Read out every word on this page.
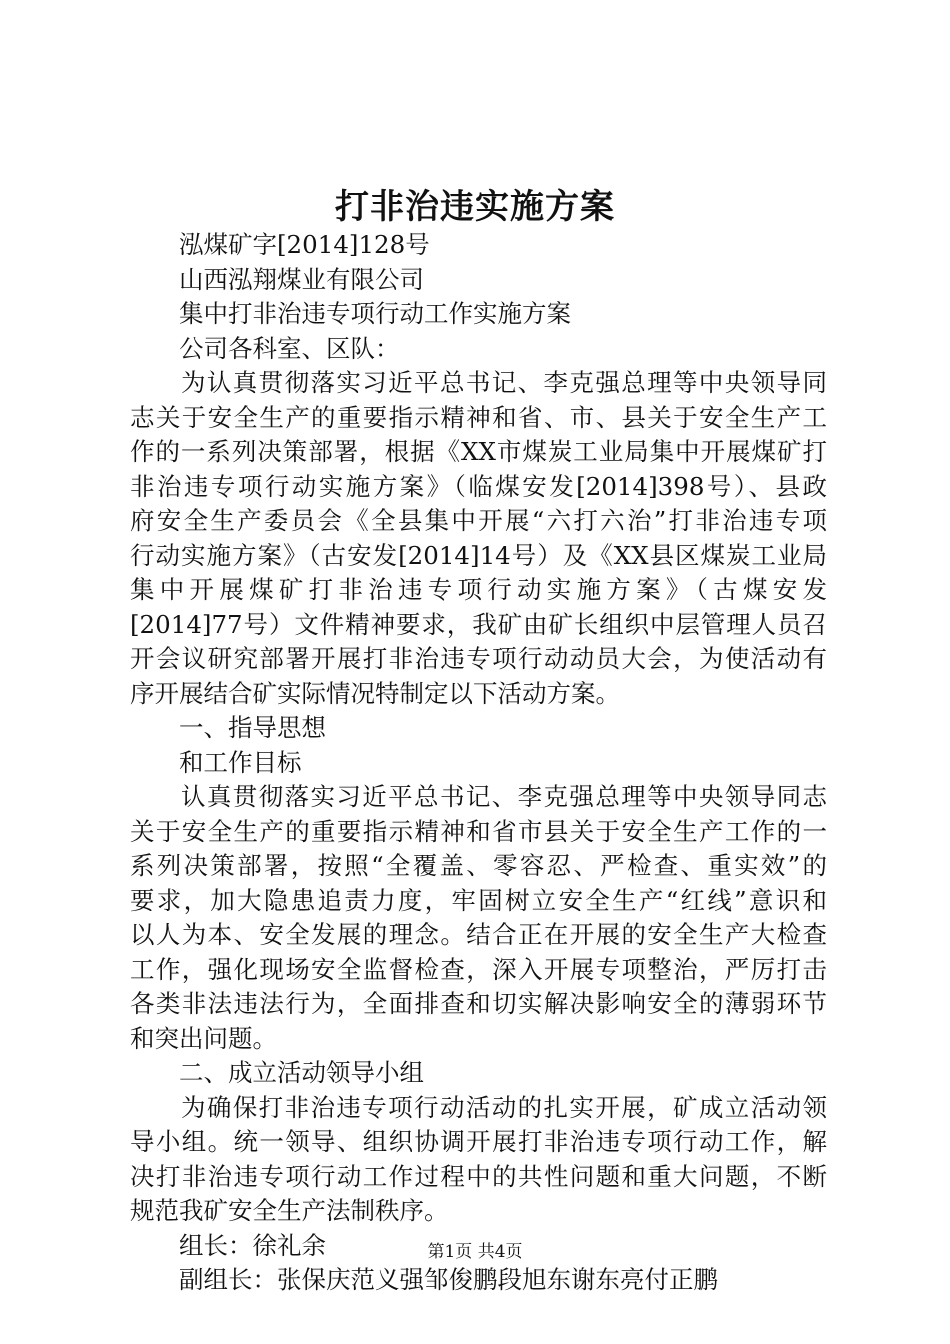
打非治违实施方案
泓煤矿字[2014]128号
山西泓翔煤业有限公司
集中打非治违专项行动工作实施方案
公司各科室、区队：
为认真贯彻落实习近平总书记、李克强总理等中央领导同
志关于安全生产的重要指示精神和省、市、县关于安全生产工
作的一系列决策部署，根据《XX市煤炭工业局集中开展煤矿打
非治违专项行动实施方案》（临煤安发[2014]398号）、县政
府安全生产委员会《全县集中开展“六打六治”打非治违专项
行动实施方案》（古安发[2014]14号）及《XX县区煤炭工业局
集中开展煤矿打非治违专项行动实施方案》（古煤安发
[2014]77号）文件精神要求，我矿由矿长组织中层管理人员召
开会议研究部署开展打非治违专项行动动员大会，为使活动有
序开展结合矿实际情况特制定以下活动方案。
一、指导思想
和工作目标
认真贯彻落实习近平总书记、李克强总理等中央领导同志
关于安全生产的重要指示精神和省市县关于安全生产工作的一
系列决策部署，按照“全覆盖、零容忍、严检查、重实效”的
要求，加大隐患追责力度，牢固树立安全生产“红线”意识和
以人为本、安全发展的理念。结合正在开展的安全生产大检查
工作，强化现场安全监督检查，深入开展专项整治，严厉打击
各类非法违法行为，全面排查和切实解决影响安全的薄弱环节
和突出问题。
二、成立活动领导小组
为确保打非治违专项行动活动的扎实开展，矿成立活动领
导小组。统一领导、组织协调开展打非治违专项行动工作，解
决打非治违专项行动工作过程中的共性问题和重大问题，不断
规范我矿安全生产法制秩序。
组长：徐礼余
副组长：张保庆范义强邹俊鹏段旭东谢东亮付正鹏
第1页 共4页
